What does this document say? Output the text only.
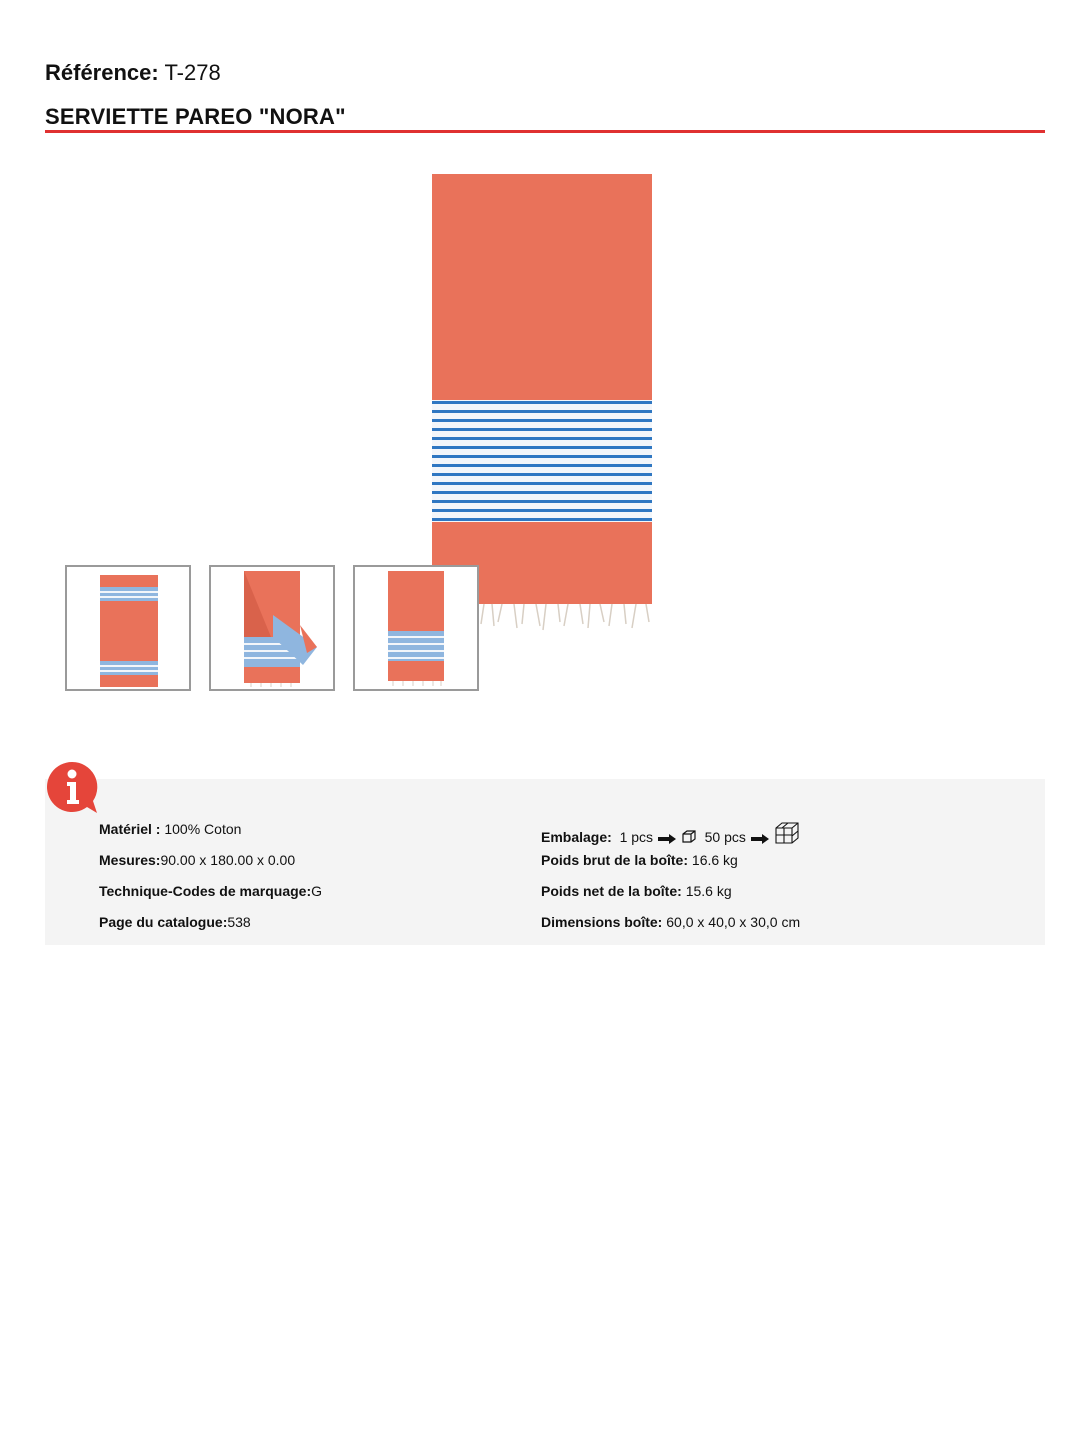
Référence: T-278
SERVIETTE PAREO "NORA"
Matériel : 100% Coton
Mesures:90.00 x 180.00 x 0.00
Technique-Codes de marquage:G
Page du catalogue:538
Embalage: 1 pcs	50 pcs
Poids brut de la boîte: 16.6 kg
Poids net de la boîte: 15.6 kg
Dimensions boîte: 60,0 x 40,0 x 30,0 cm
